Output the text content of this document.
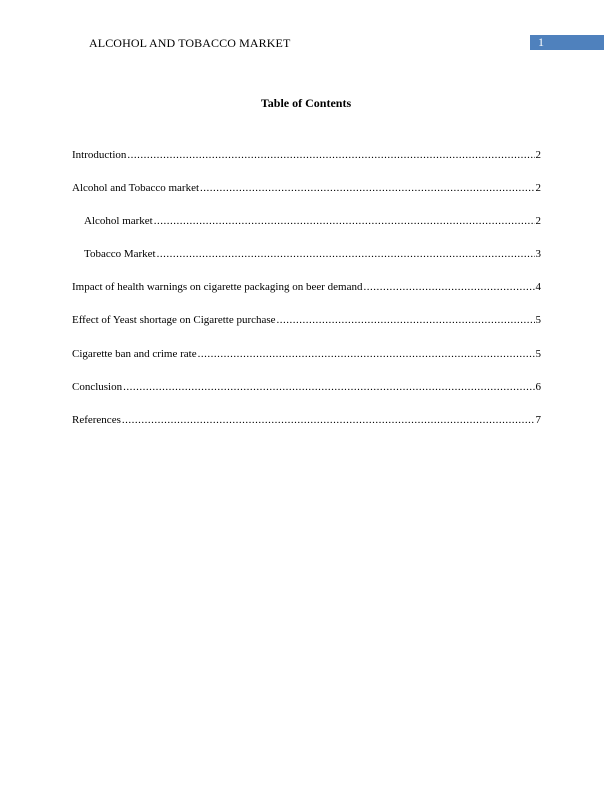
ALCOHOL AND TOBACCO MARKET	1
Table of Contents
Introduction .....	2
Alcohol and Tobacco market .....	2
Alcohol market .....	2
Tobacco Market .....	3
Impact of health warnings on cigarette packaging on beer demand .....	4
Effect of Yeast shortage on Cigarette purchase .....	5
Cigarette ban and crime rate .....	5
Conclusion .....	6
References .....	7
